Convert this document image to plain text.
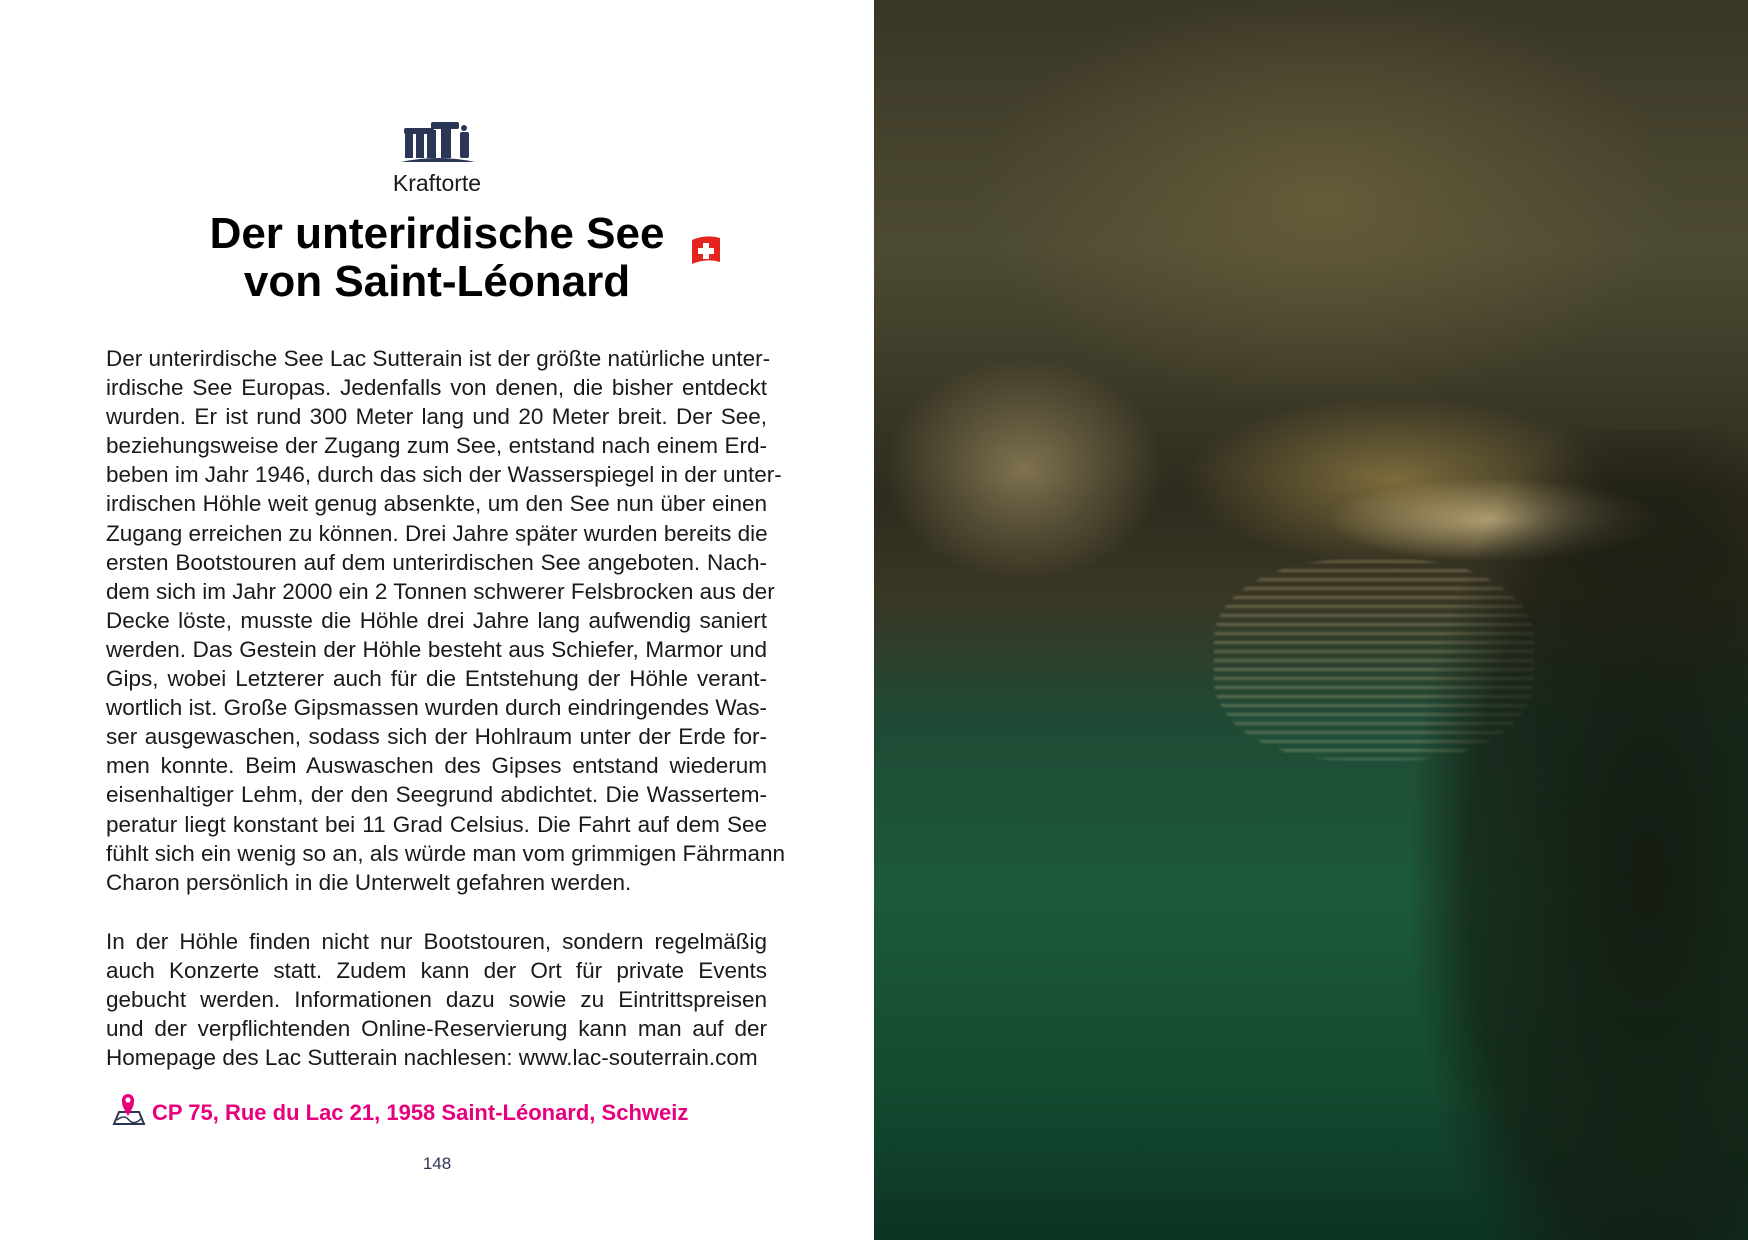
Kraftorte
Der unterirdische See
von Saint-Léonard
Der unterirdische See Lac Sutterain ist der größte natürliche unter-
irdische See Europas. Jedenfalls von denen, die bisher entdeckt
wurden. Er ist rund 300 Meter lang und 20 Meter breit. Der See,
beziehungsweise der Zugang zum See, entstand nach einem Erd-
beben im Jahr 1946, durch das sich der Wasserspiegel in der unter-
irdischen Höhle weit genug absenkte, um den See nun über einen
Zugang erreichen zu können. Drei Jahre später wurden bereits die
ersten Bootstouren auf dem unterirdischen See angeboten. Nach-
dem sich im Jahr 2000 ein 2 Tonnen schwerer Felsbrocken aus der
Decke löste, musste die Höhle drei Jahre lang aufwendig saniert
werden. Das Gestein der Höhle besteht aus Schiefer, Marmor und
Gips, wobei Letzterer auch für die Entstehung der Höhle verant-
wortlich ist. Große Gipsmassen wurden durch eindringendes Was-
ser ausgewaschen, sodass sich der Hohlraum unter der Erde for-
men konnte. Beim Auswaschen des Gipses entstand wiederum
eisenhaltiger Lehm, der den Seegrund abdichtet. Die Wassertem-
peratur liegt konstant bei 11 Grad Celsius. Die Fahrt auf dem See
fühlt sich ein wenig so an, als würde man vom grimmigen Fährmann
Charon persönlich in die Unterwelt gefahren werden.
In der Höhle finden nicht nur Bootstouren, sondern regelmäßig
auch Konzerte statt. Zudem kann der Ort für private Events
gebucht werden. Informationen dazu sowie zu Eintrittspreisen
und der verpflichtenden Online-Reservierung kann man auf der
Homepage des Lac Sutterain nachlesen: www.lac-souterrain.com
CP 75, Rue du Lac 21, 1958 Saint-Léonard, Schweiz
148
